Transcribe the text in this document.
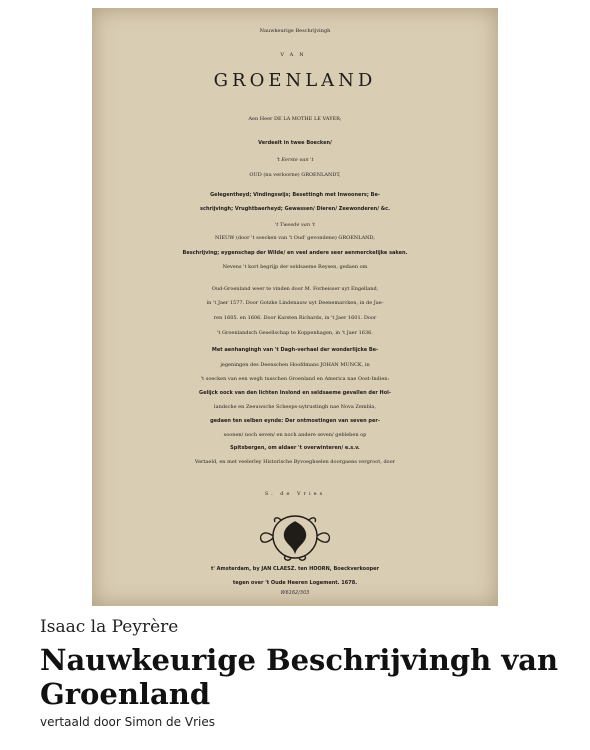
Nauwkeurige Beschrijvingh
VAN
GROENLAND
Aen Heer DE LA MOTHE LE VAYER;
Verdeelt in twee Boecken/
't Eerste van 't
OUD (nu verloorne) GROENLANDT,
Gelegentheyd; Vindingswijs; Besettingh met Inwooners; Be-
schrijvingh; Vrughtbaerheyd; Gewassen/ Dieren/ Zeewonderen/ &c.
't Tweede van 't
NIEUW (door 't soecken van 't Oud' gevondene) GROENLAND,
Beschrijving; eygenschap der Wilde/ en veel andere seer aenmerckelijke saken.
Nevens 't kort begrijp der seldsaeme Reysen, gedaen om
Oud-Groenland weer te vinden door M. Forbeisser uyt Engelland,
in 't Jaer 1577. Door Gotzke Lindenauw uyt Deenemarcken, in de Jae-
ren 1605. en 1606. Door Karsten Richards, in 't Jaer 1601. Door
't Groenlandsch Gesellschap te Koppenhagen, in 't Jaer 1636.
Met aenhangingh van 't Dagh-verhael der wonderlijcke Be-
jegeningen des Deenschen Hoofdmans JOHAN MUNCK, in
't soecken van een wegh tusschen Groenland en America nae Oost-Indien:
Gelijck oock van den lichten Inslond en seldsaeme gevallen der Hol-
landsche en Zeeuwsche Scheeps-uytrustingh nae Nova Zembla,
gedaen ten selben eynde: Der ontmoetingen van seven per-
soonen/ noch seven/ en noch andere seven/ gebleben op
Spitsbergen, om aldaer 't overwinteren/ e.s.v.
Vertaeld, en met veelerley Historische Byvoeghselen doorgaens vergroot, door
S. de Vries
t' Amsterdam, by JAN CLAESZ. ten HOORN, Boeckverkooper
tegen over 't Oude Heeren Logement. 1678.
W6162/303
Isaac la Peyrère
Nauwkeurige Beschrijvingh van Groenland
vertaald door Simon de Vries
